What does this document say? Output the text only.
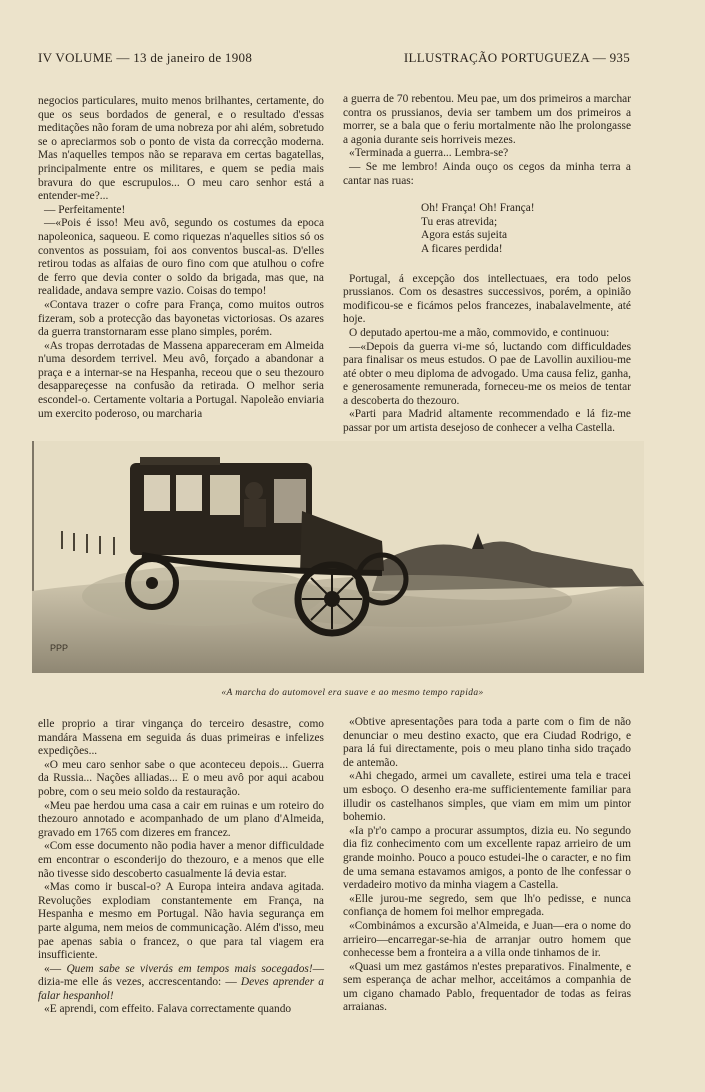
IV VOLUME — 13 de janeiro de 1908	ILLUSTRAÇÃO PORTUGUEZA — 935

negocios particulares, muito menos brilhantes, certamente, do que os seus bordados de general, e o resultado d'essas meditações não foram de uma nobreza por ahi além, sobretudo se o apreciarmos sob o ponto de vista da correcção moderna. Mas n'aquelles tempos não se reparava em certas bagatellas, principalmente entre os militares, e quem se pedia mais bravura do que escrupulos... O meu caro senhor está a entender-me?...

— Perfeitamente!

—«Pois é isso! Meu avô, segundo os costumes da epoca napoleonica, saqueou. E como riquezas n'aquelles sitios só os conventos as possuiam, foi aos conventos buscal-as. D'elles retirou todas as alfaias de ouro fino com que atulhou o cofre de ferro que devia conter o soldo da brigada, mas que, na realidade, andava sempre vazio. Coisas do tempo!

«Contava trazer o cofre para França, como muitos outros fizeram, sob a protecção das bayonetas victoriosas. Os azares da guerra transtornaram esse plano simples, porém.

«As tropas derrotadas de Massena appareceram em Almeida n'uma desordem terrivel. Meu avô, forçado a abandonar a praça e a internar-se na Hespanha, receou que o seu thezouro desappareçesse na confusão da retirada. O melhor seria escondel-o. Certamente voltaria a Portugal. Napoleão enviaria um exercito poderoso, ou marcharia

a guerra de 70 rebentou. Meu pae, um dos primeiros a marchar contra os prussianos, devia ser tambem um dos primeiros a morrer, se a bala que o feriu mortalmente não lhe prolongasse a agonia durante seis horriveis mezes.

«Terminada a guerra... Lembra-se?

— Se me lembro! Ainda ouço os cegos da minha terra a cantar nas ruas:

Oh! França! Oh! França!
Tu eras atrevida;
Agora estás sujeita
A ficares perdida!

Portugal, á excepção dos intellectuaes, era todo pelos prussianos. Com os desastres successivos, porém, a opinião modificou-se e ficámos pelos francezes, inabalavelmente, até hoje.

O deputado apertou-me a mão, commovido, e continuou:

—«Depois da guerra vi-me só, luctando com difficuldades para finalisar os meus estudos. O pae de Lavollin auxiliou-me até obter o meu diploma de advogado. Uma causa feliz, ganha, e generosamente remunerada, forneceu-me os meios de tentar a descoberta do thezouro.

«Parti para Madrid altamente recommendado e lá fiz-me passar por um artista desejoso de conhecer a velha Castella.

PPP
«A marcha do automovel era suave e ao mesmo tempo rapida»

elle proprio a tirar vingança do terceiro desastre, como mandára Massena em seguida ás duas primeiras e infelizes expedições...

«O meu caro senhor sabe o que aconteceu depois... Guerra da Russia... Nações alliadas... E o meu avô por aqui acabou pobre, com o seu meio soldo da restauração.

«Meu pae herdou uma casa a cair em ruinas e um roteiro do thezouro annotado e acompanhado de um plano d'Almeida, gravado em 1765 com dizeres em francez.

«Com esse documento não podia haver a menor difficuldade em encontrar o esconderijo do thezouro, e a menos que elle não tivesse sido descoberto casualmente lá devia estar.

«Mas como ir buscal-o? A Europa inteira andava agitada. Revoluções explodiam constantemente em França, na Hespanha e mesmo em Portugal. Não havia segurança em parte alguma, nem meios de communicação. Além d'isso, meu pae apenas sabia o francez, o que para tal viagem era insufficiente.

«— Quem sabe se viverás em tempos mais socegados!— dizia-me elle ás vezes, accrescentando: — Deves aprender a falar hespanhol!

«E aprendi, com effeito. Falava correctamente quando

«Obtive apresentações para toda a parte com o fim de não denunciar o meu destino exacto, que era Ciudad Rodrigo, e para lá fui directamente, pois o meu plano tinha sido traçado de antemão.

«Ahi chegado, armei um cavallete, estirei uma tela e tracei um esboço. O desenho era-me sufficientemente familiar para illudir os castelhanos simples, que viam em mim um pintor bohemio.

«Ia p'r'o campo a procurar assumptos, dizia eu. No segundo dia fiz conhecimento com um excellente rapaz arrieiro de um grande moinho. Pouco a pouco estudei-lhe o caracter, e no fim de uma semana estavamos amigos, a ponto de lhe confessar o verdadeiro motivo da minha viagem a Castella.

«Elle jurou-me segredo, sem que lh'o pedisse, e nunca confiança de homem foi melhor empregada.

«Combinámos a excursão a'Almeida, e Juan—era o nome do arrieiro—encarregar-se-hia de arranjar outro homem que conhecesse bem a fronteira a a villa onde tinhamos de ir.

«Quasi um mez gastámos n'estes preparativos. Finalmente, e sem esperança de achar melhor, acceitámos a companhia de um cigano chamado Pablo, frequentador de todas as feiras arraianas.
